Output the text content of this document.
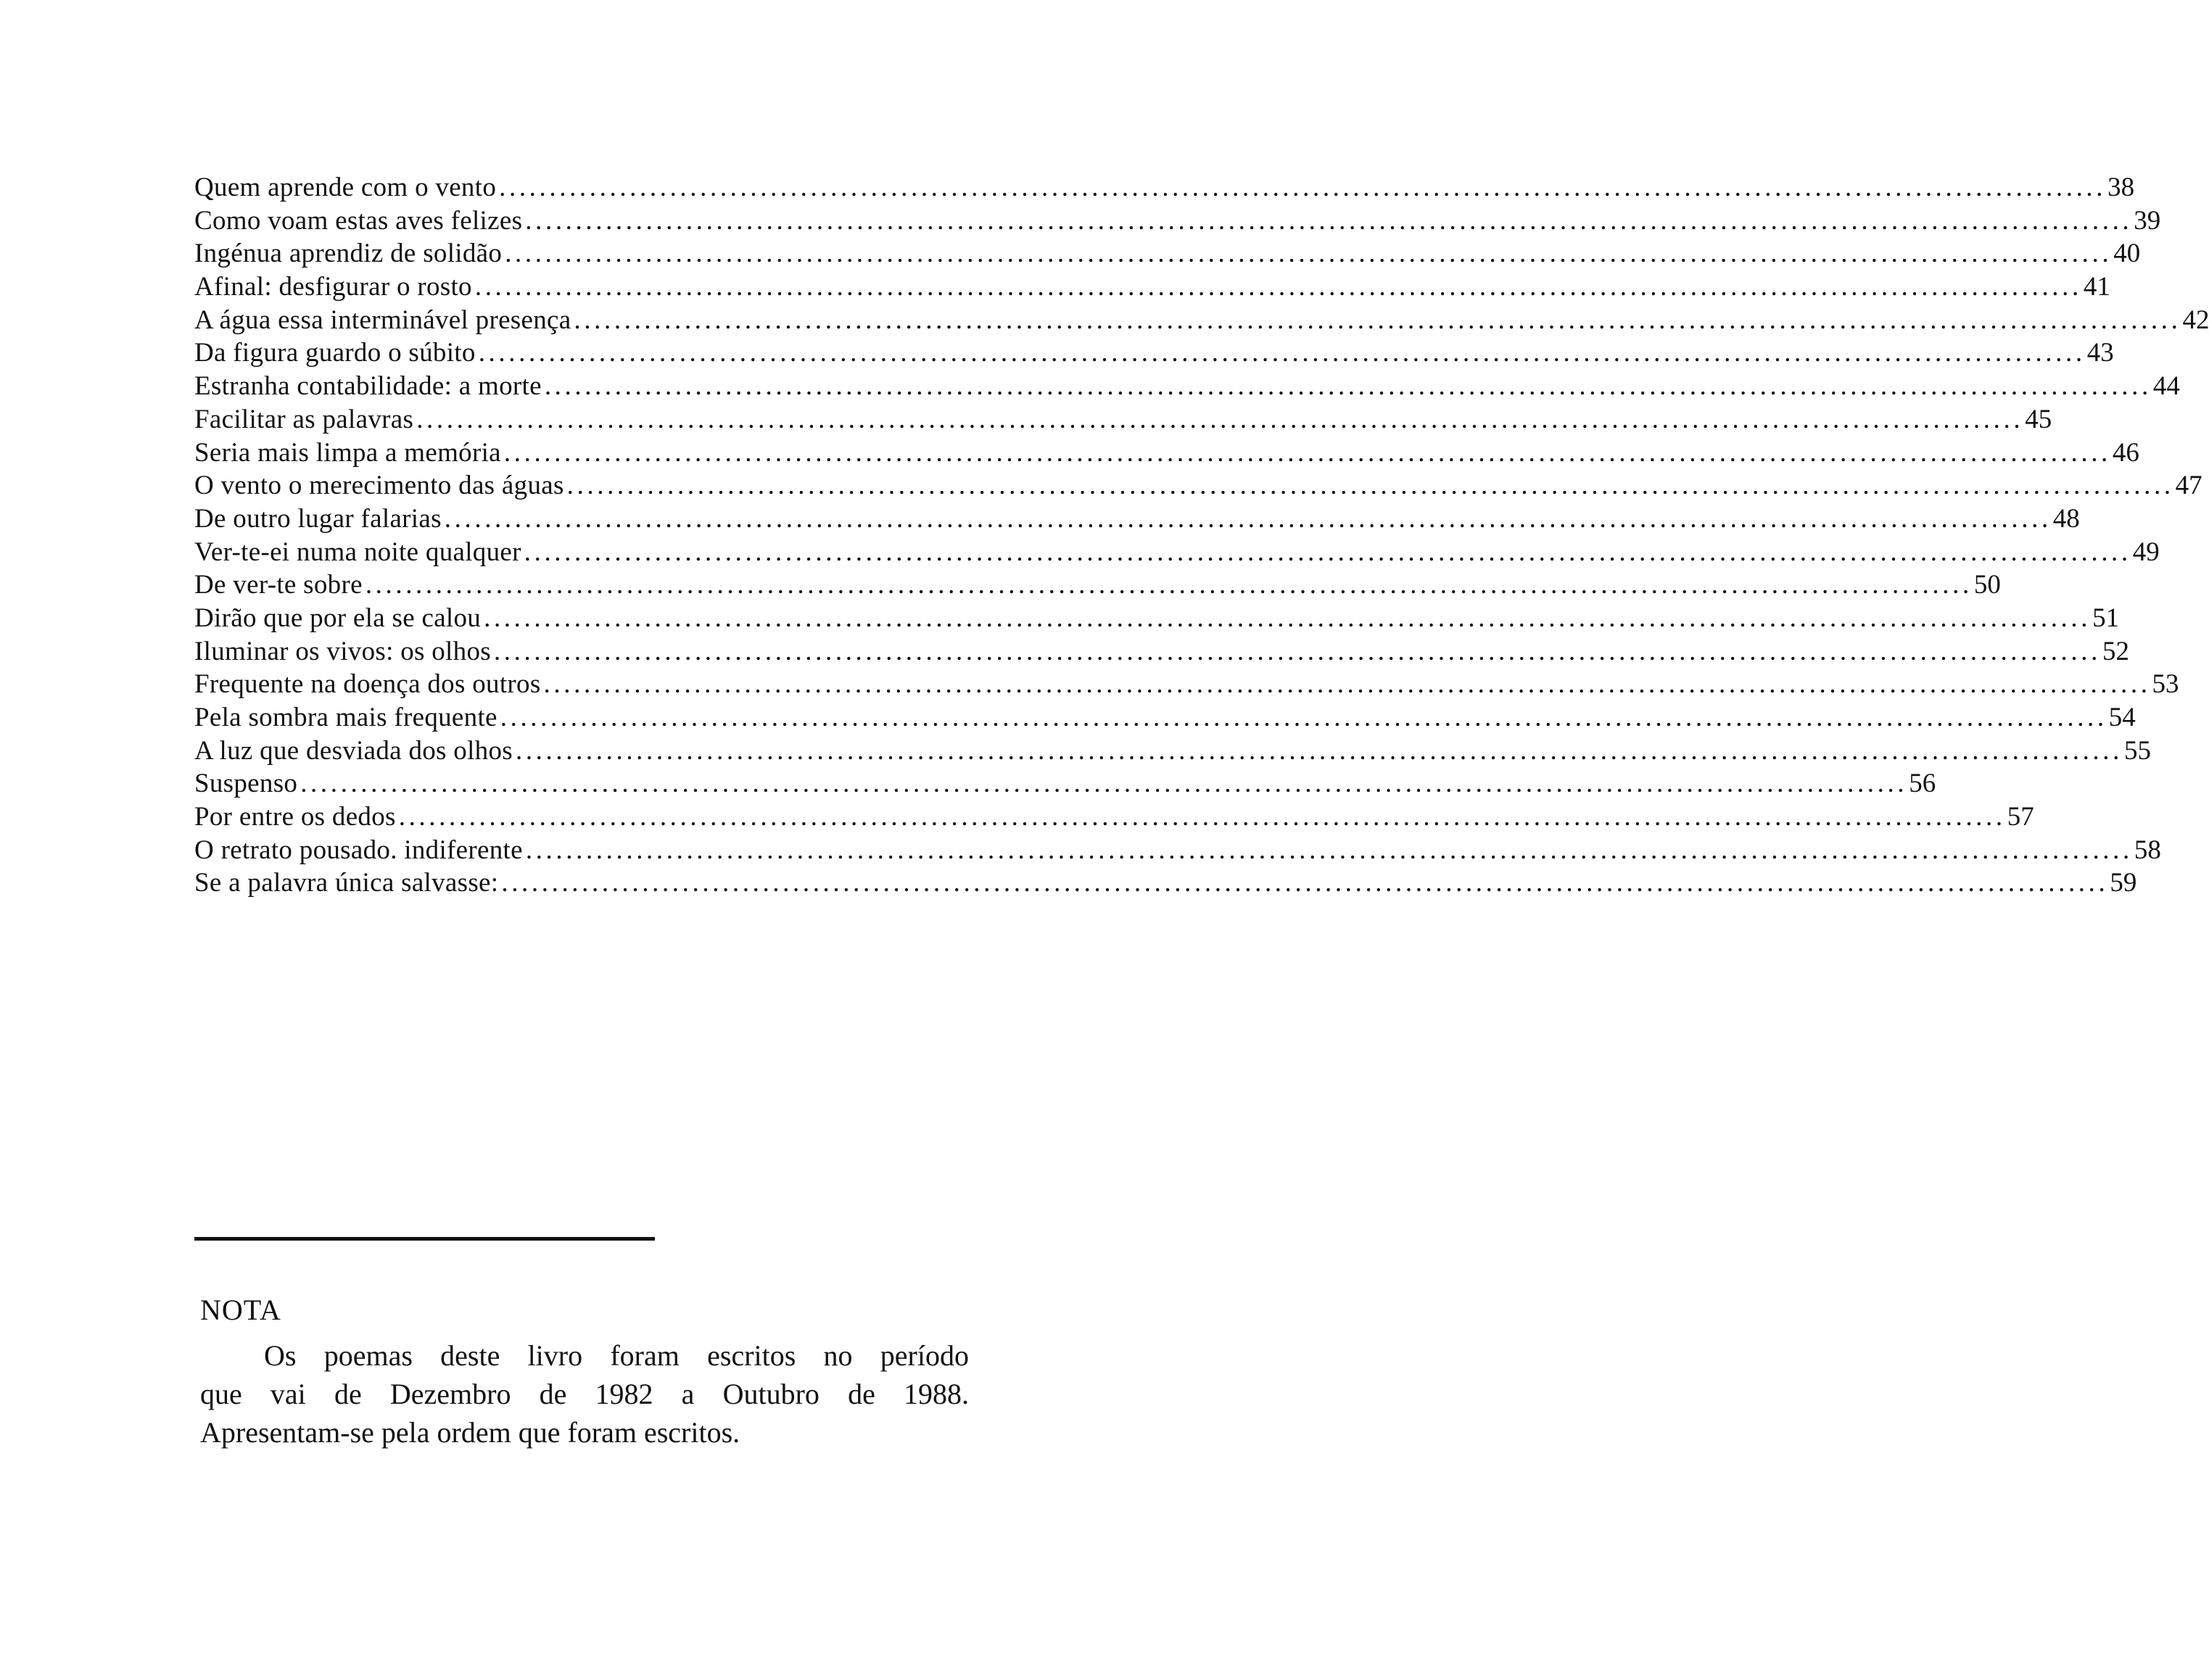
Quem aprende com o vento ................................................................................................................................................................ 38
Como voam estas aves felizes ................................................................................................................................................................ 39
Ingénua aprendiz de solidão ................................................................................................................................................................ 40
Afinal: desfigurar o rosto ................................................................................................................................................................ 41
A água essa interminável presença ................................................................................................................................................................ 42
Da figura guardo o súbito ................................................................................................................................................................ 43
Estranha contabilidade: a morte ................................................................................................................................................................ 44
Facilitar as palavras ................................................................................................................................................................ 45
Seria mais limpa a memória ................................................................................................................................................................ 46
O vento o merecimento das águas ................................................................................................................................................................ 47
De outro lugar falarias ................................................................................................................................................................ 48
Ver-te-ei numa noite qualquer ................................................................................................................................................................ 49
De ver-te sobre ................................................................................................................................................................ 50
Dirão que por ela se calou ................................................................................................................................................................ 51
Iluminar os vivos: os olhos ................................................................................................................................................................ 52
Frequente na doença dos outros ................................................................................................................................................................ 53
Pela sombra mais frequente ................................................................................................................................................................ 54
A luz que desviada dos olhos ................................................................................................................................................................ 55
Suspenso ................................................................................................................................................................ 56
Por entre os dedos ................................................................................................................................................................ 57
O retrato pousado. indiferente ................................................................................................................................................................ 58
Se a palavra única salvasse: ................................................................................................................................................................ 59
NOTA
Os poemas deste livro foram escritos no período
que vai de Dezembro de 1982 a Outubro de 1988.
Apresentam-se pela ordem que foram escritos.
